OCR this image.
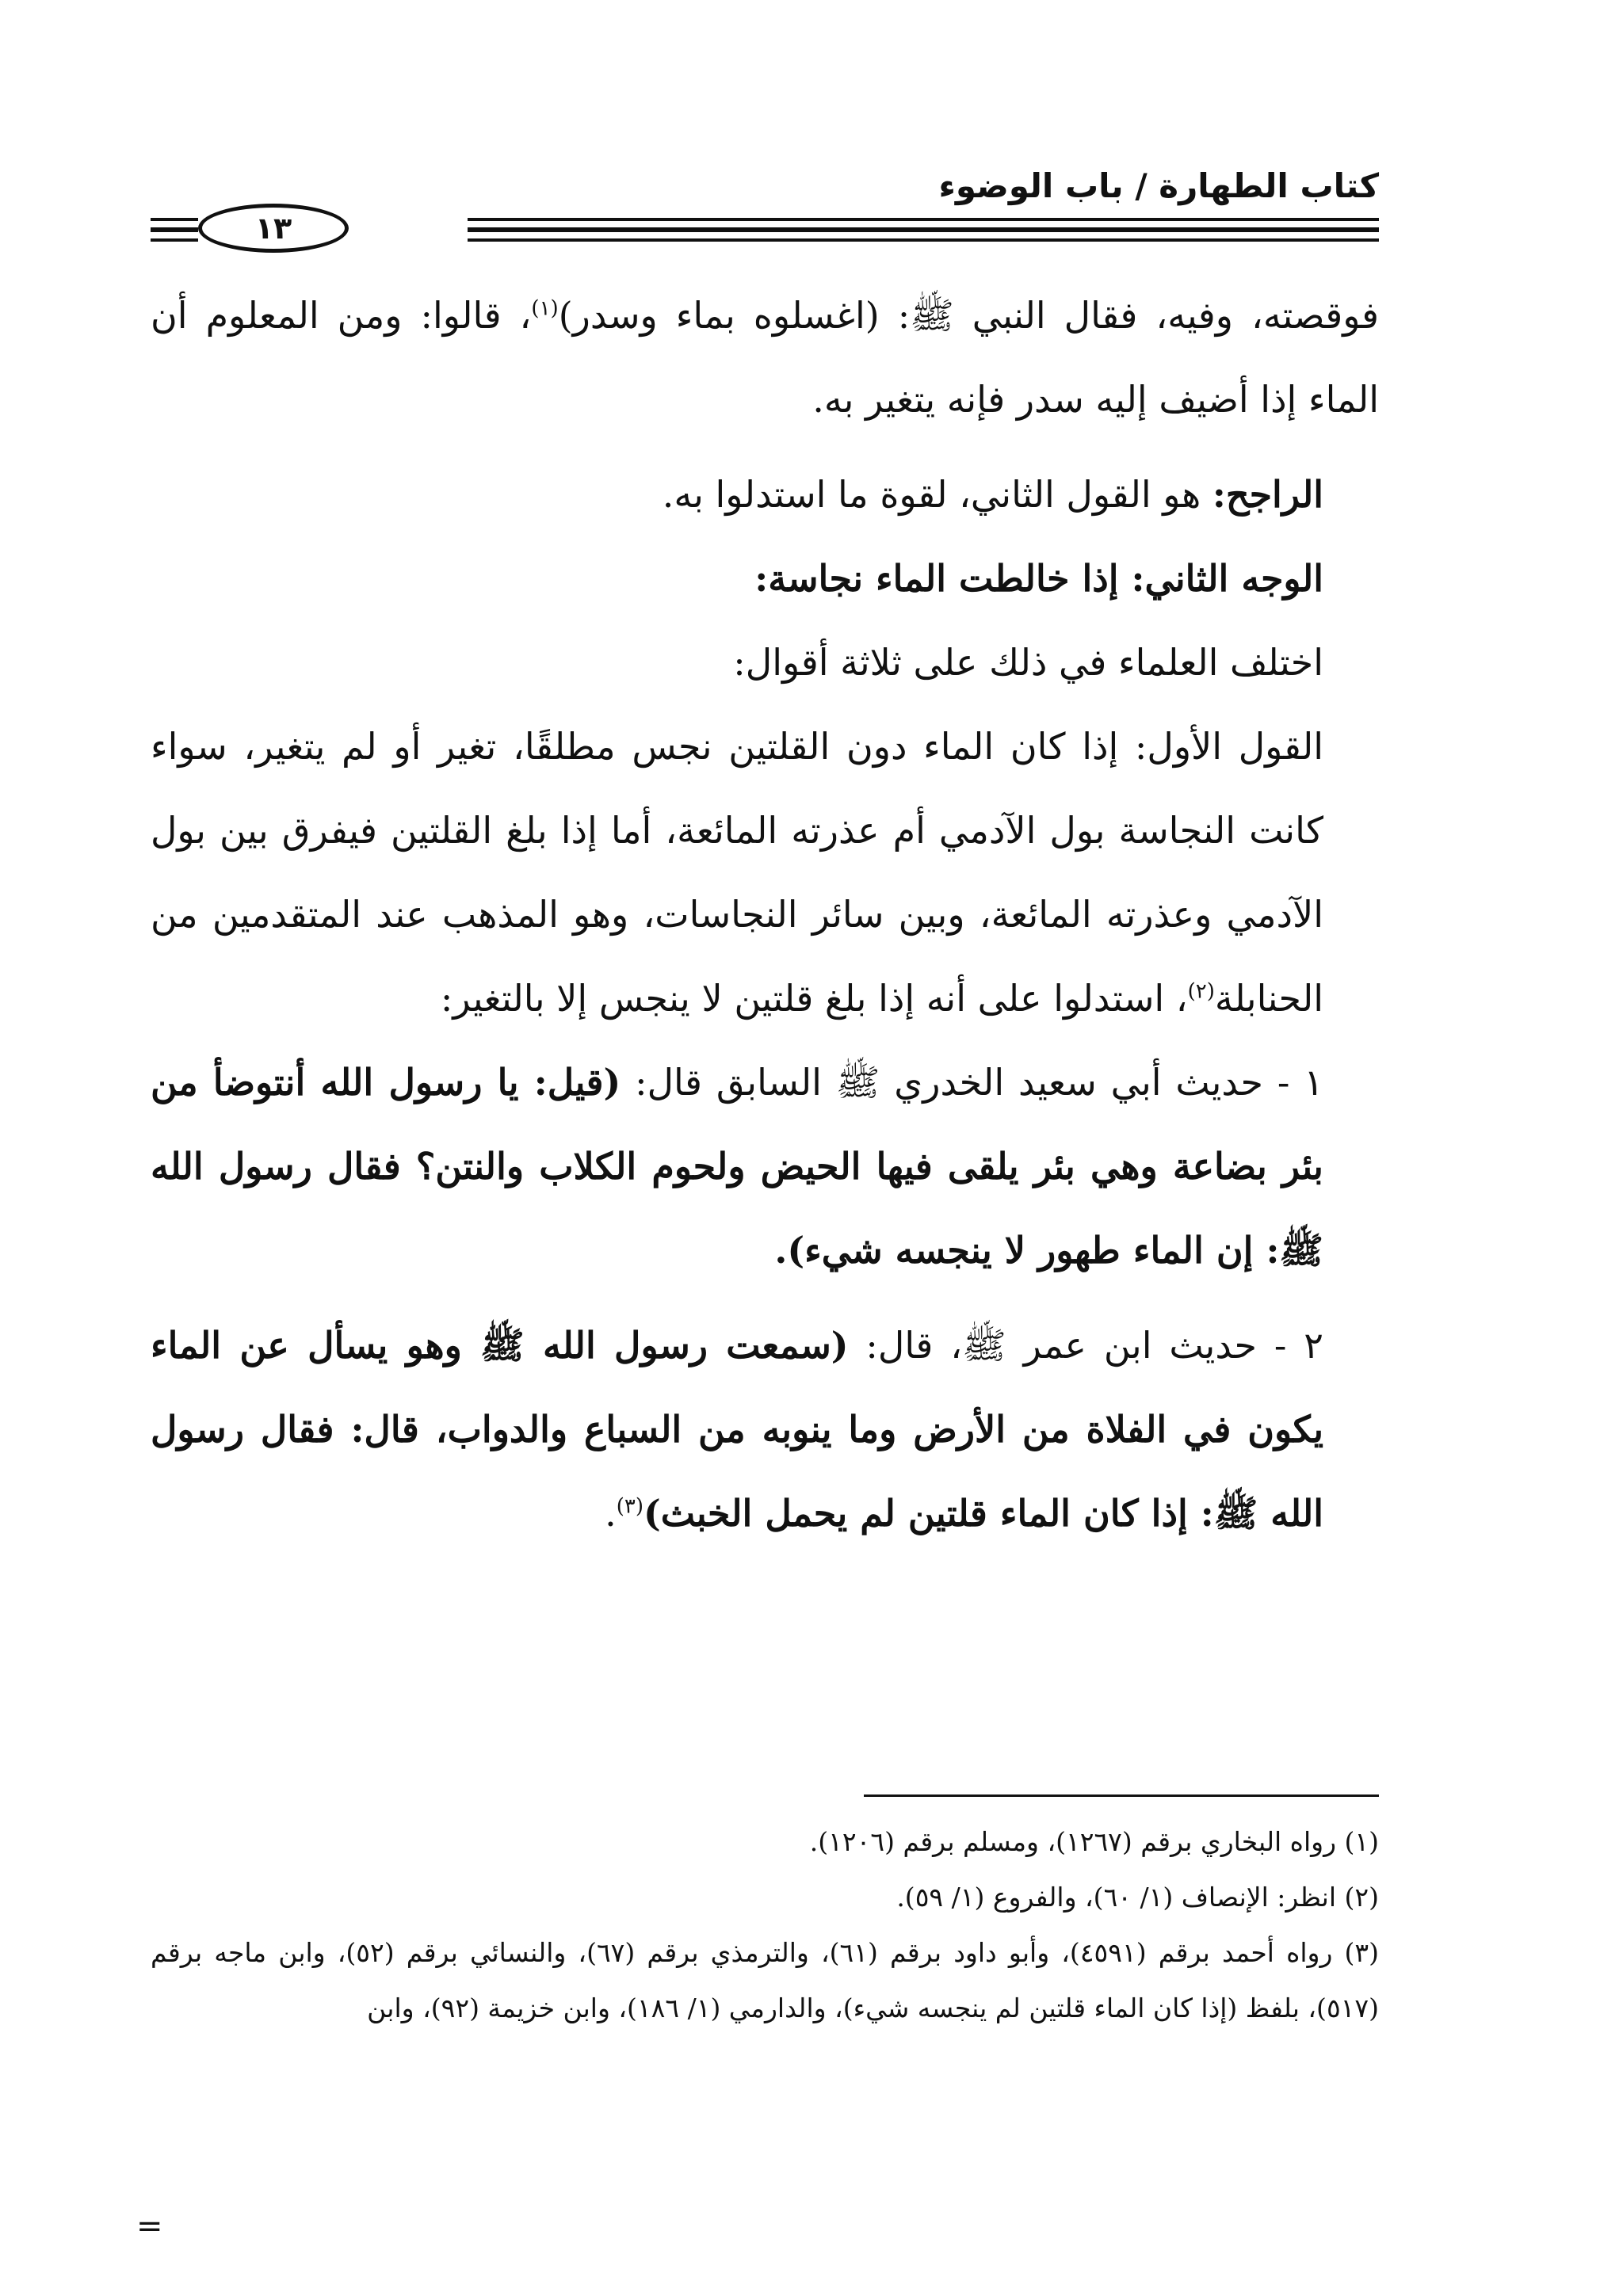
كتاب الطهارة / باب الوضوء
١٣

فوقصته، وفيه، فقال النبي ﷺ: (اغسلوه بماء وسدر)$^{(١)}$، قالوا: ومن المعلوم أن الماء إذا أضيف إليه سدر فإنه يتغير به.

الراجح: هو القول الثاني، لقوة ما استدلوا به.

الوجه الثاني: إذا خالطت الماء نجاسة:

اختلف العلماء في ذلك على ثلاثة أقوال:

القول الأول: إذا كان الماء دون القلتين نجس مطلقًا، تغير أو لم يتغير، سواء كانت النجاسة بول الآدمي أم عذرته المائعة، أما إذا بلغ القلتين فيفرق بين بول الآدمي وعذرته المائعة، وبين سائر النجاسات، وهو المذهب عند المتقدمين من الحنابلة$^{(٢)}$، استدلوا على أنه إذا بلغ قلتين لا ينجس إلا بالتغير:

١ - حديث أبي سعيد الخدري ﷺ السابق قال: (قيل: يا رسول الله أنتوضأ من بئر بضاعة وهي بئر يلقى فيها الحيض ولحوم الكلاب والنتن؟ فقال رسول الله ﷺ: إن الماء طهور لا ينجسه شيء).

٢ - حديث ابن عمر ﷺ، قال: (سمعت رسول الله ﷺ وهو يسأل عن الماء يكون في الفلاة من الأرض وما ينوبه من السباع والدواب، قال: فقال رسول الله ﷺ: إذا كان الماء قلتين لم يحمل الخبث)$^{(٣)}$.

(١) رواه البخاري برقم (١٢٦٧)، ومسلم برقم (١٢٠٦).

(٢) انظر: الإنصاف (١/ ٦٠)، والفروع (١/ ٥٩).

(٣) رواه أحمد برقم (٤٥٩١)، وأبو داود برقم (٦١)، والترمذي برقم (٦٧)، والنسائي برقم (٥٢)، وابن ماجه برقم (٥١٧)، بلفظ (إذا كان الماء قلتين لم ينجسه شيء)، والدارمي (١/ ١٨٦)، وابن خزيمة (٩٢)، وابن

=
